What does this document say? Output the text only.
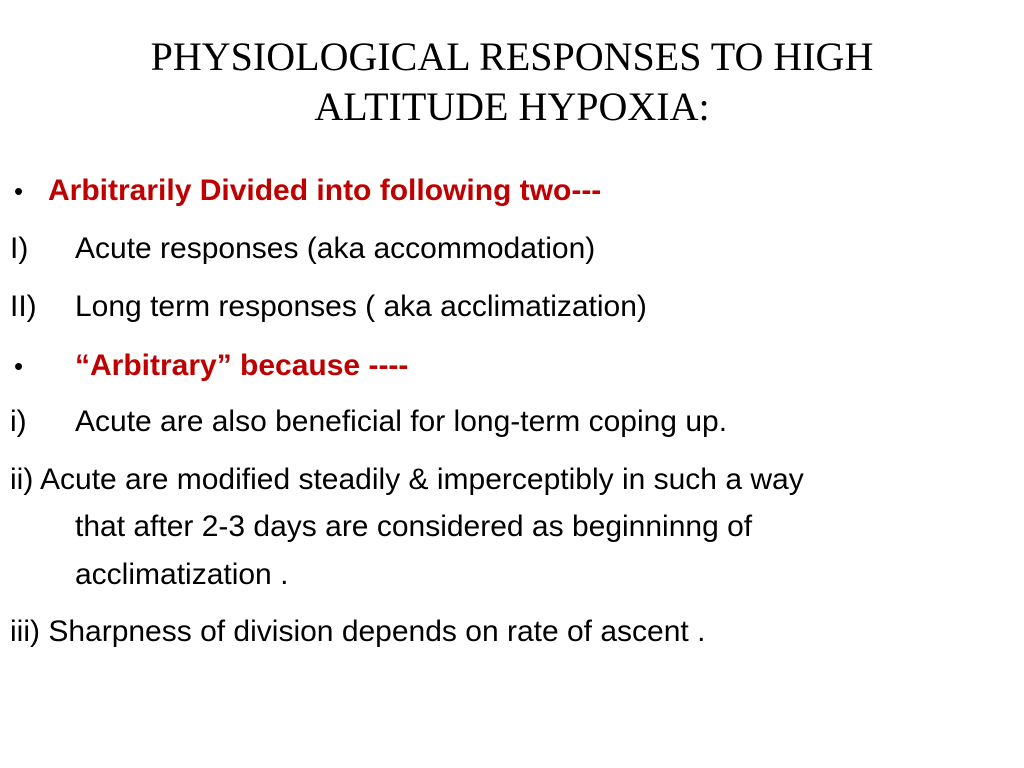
PHYSIOLOGICAL RESPONSES TO HIGH
ALTITUDE HYPOXIA:
• Arbitrarily Divided into following two---
I) Acute responses (aka accommodation)
II) Long term responses ( aka acclimatization)
• “Arbitrary” because ----
i) Acute are also beneficial for long-term coping up.
ii) Acute are modified steadily & imperceptibly in such a way
that after 2-3 days are considered as beginninng of
acclimatization .
iii) Sharpness of division depends on rate of ascent .
